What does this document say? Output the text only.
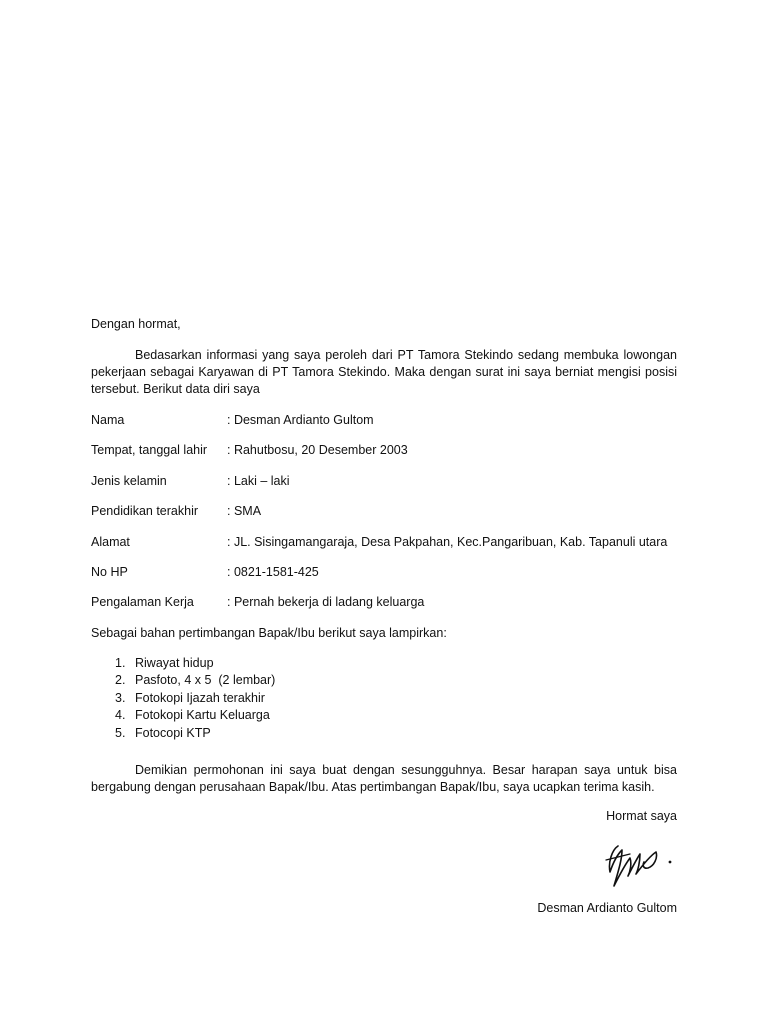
Dengan hormat,

Bedasarkan informasi yang saya peroleh dari PT Tamora Stekindo sedang membuka lowongan pekerjaan sebagai Karyawan di PT Tamora Stekindo. Maka dengan surat ini saya berniat mengisi posisi tersebut. Berikut data diri saya

Nama	: Desman Ardianto Gultom
Tempat, tanggal lahir	: Rahutbosu, 20 Desember 2003
Jenis kelamin	: Laki – laki
Pendidikan terakhir	: SMA
Alamat	: JL. Sisingamangaraja, Desa Pakpahan, Kec.Pangaribuan, Kab. Tapanuli utara
No HP	: 0821-1581-425
Pengalaman Kerja	: Pernah bekerja di ladang keluarga

Sebagai bahan pertimbangan Bapak/Ibu berikut saya lampirkan:

1. Riwayat hidup
2. Pasfoto, 4 x 5  (2 lembar)
3. Fotokopi Ijazah terakhir
4. Fotokopi Kartu Keluarga
5. Fotocopi KTP

Demikian permohonan ini saya buat dengan sesungguhnya. Besar harapan saya untuk bisa bergabung dengan perusahaan Bapak/Ibu. Atas pertimbangan Bapak/Ibu, saya ucapkan terima kasih.

Hormat saya
Desman Ardianto Gultom
